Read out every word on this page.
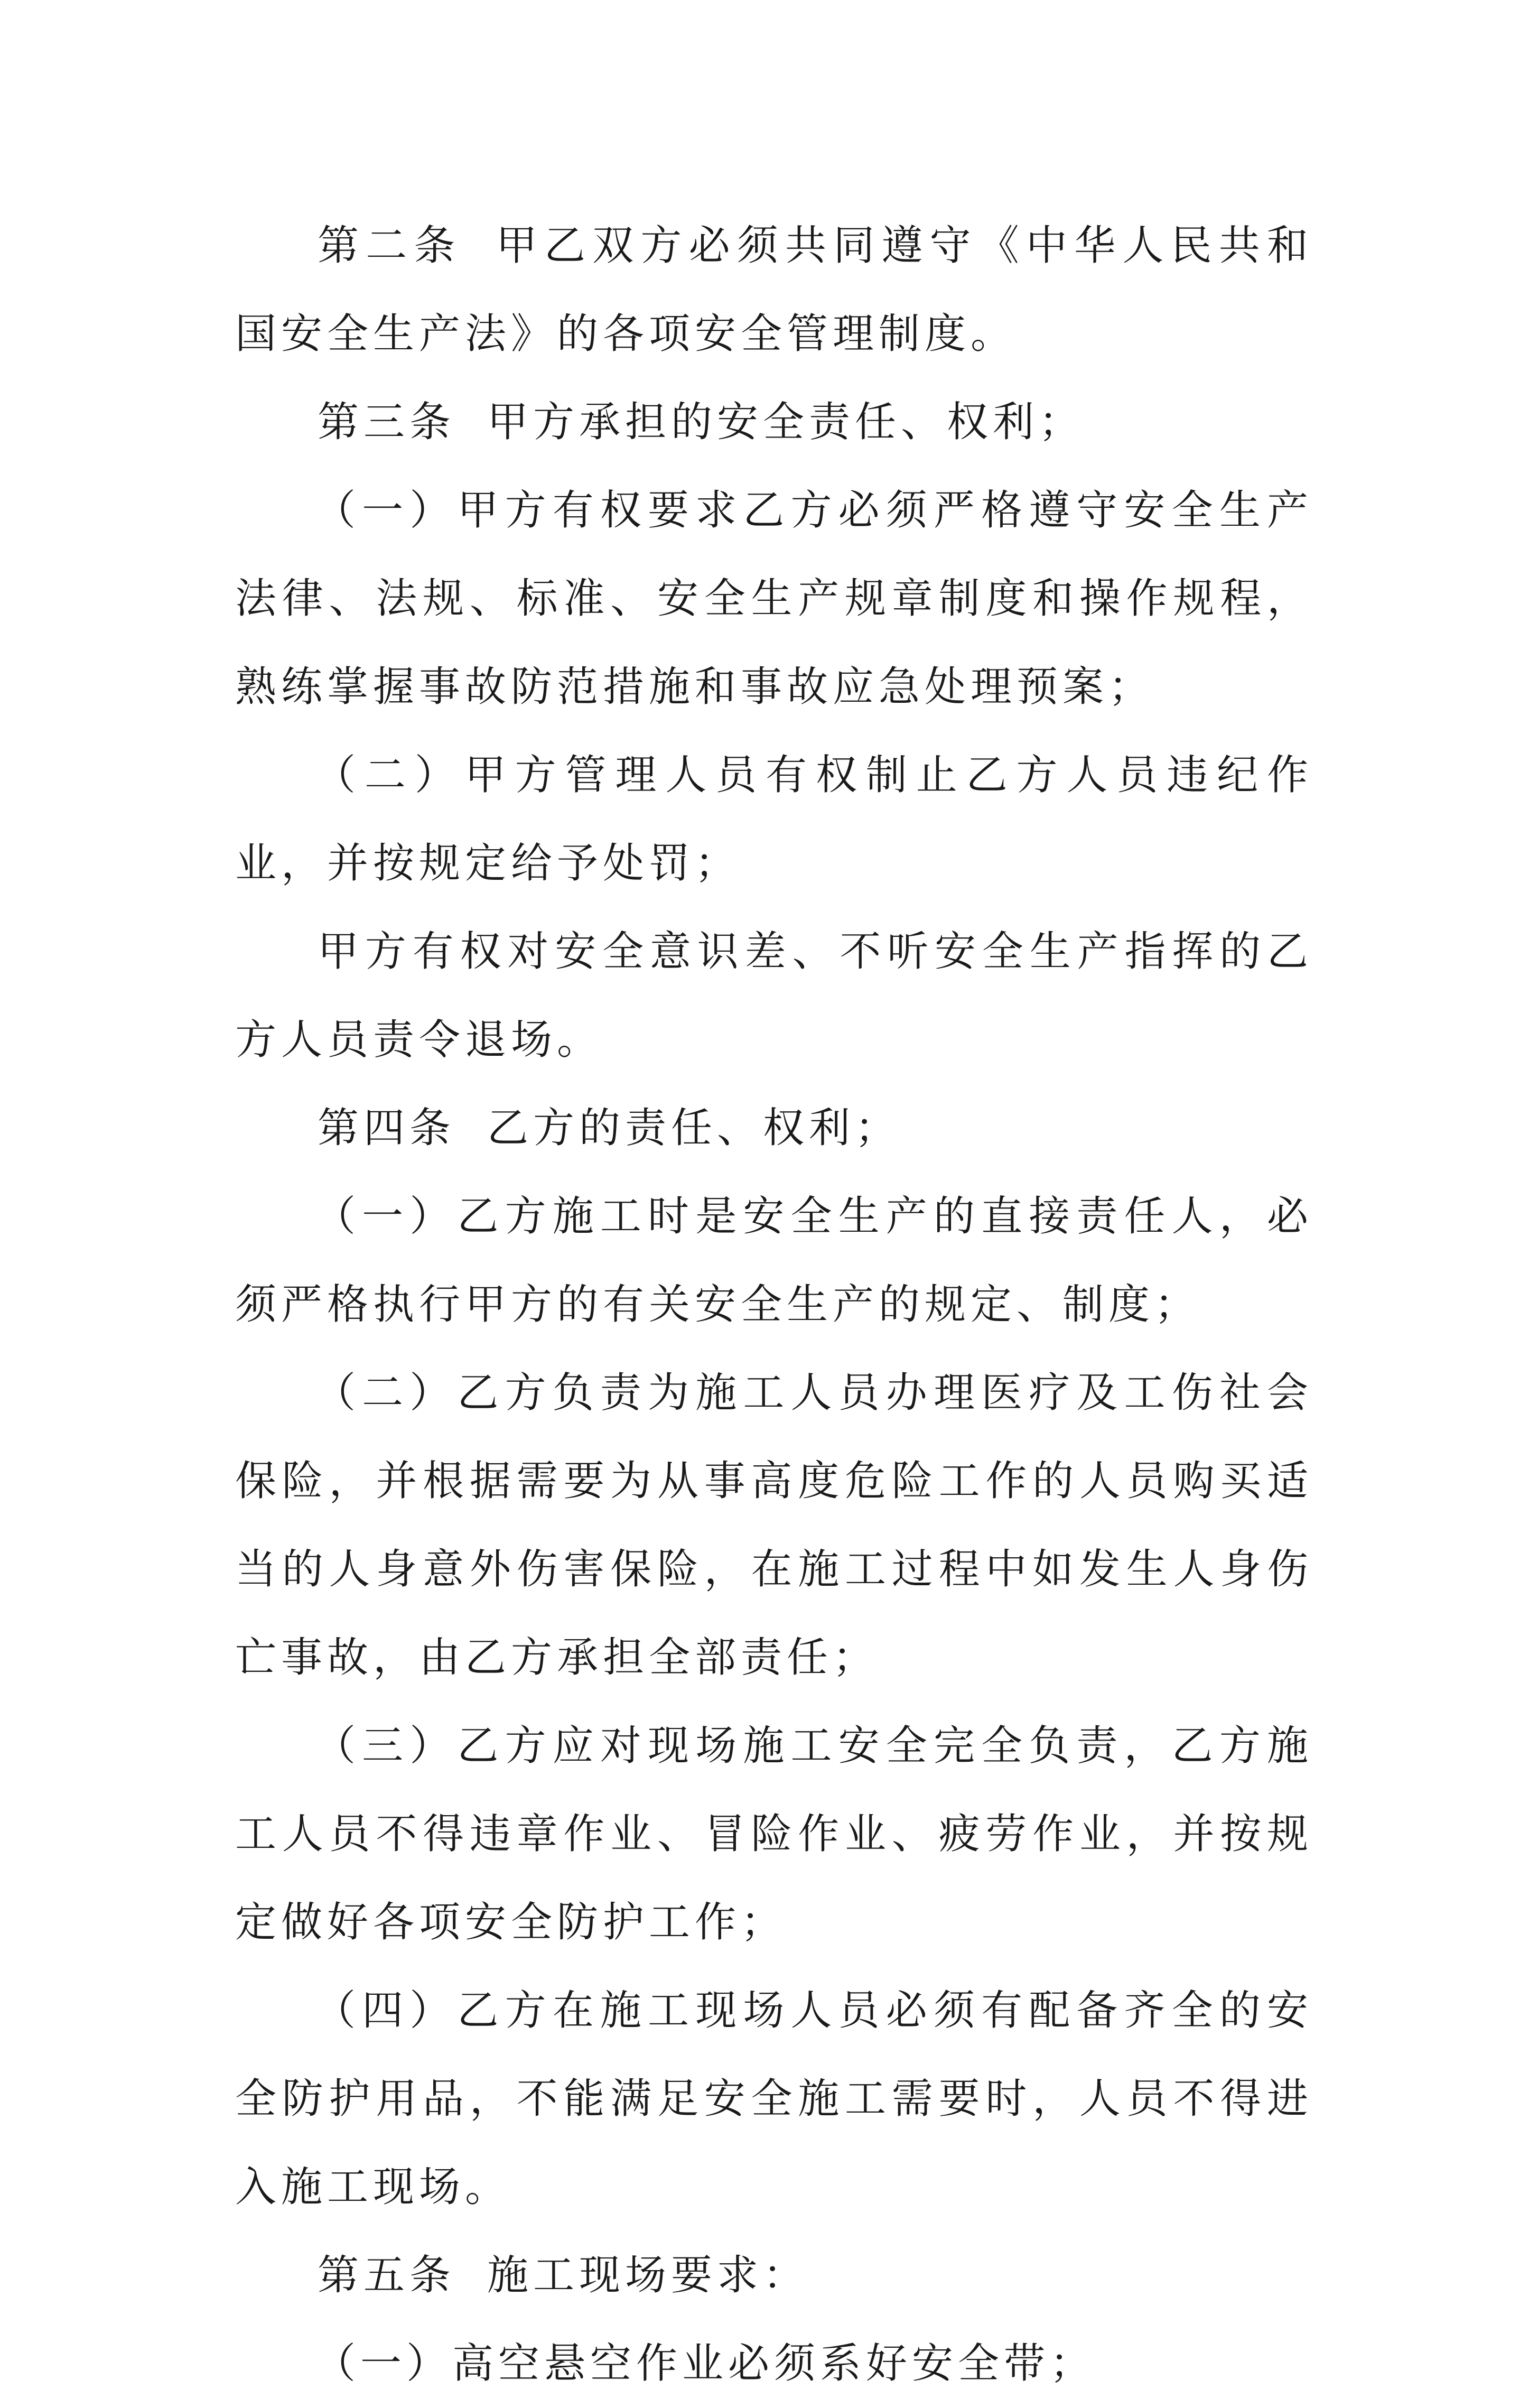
第二条 甲乙双方必须共同遵守《中华人民共和国安全生产法》的各项安全管理制度。

第三条 甲方承担的安全责任、权利；

（一）甲方有权要求乙方必须严格遵守安全生产法律、法规、标准、安全生产规章制度和操作规程，熟练掌握事故防范措施和事故应急处理预案；

（二）甲方管理人员有权制止乙方人员违纪作业，并按规定给予处罚；

甲方有权对安全意识差、不听安全生产指挥的乙方人员责令退场。

第四条 乙方的责任、权利；

（一）乙方施工时是安全生产的直接责任人，必须严格执行甲方的有关安全生产的规定、制度；

（二）乙方负责为施工人员办理医疗及工伤社会保险，并根据需要为从事高度危险工作的人员购买适当的人身意外伤害保险，在施工过程中如发生人身伤亡事故，由乙方承担全部责任；

（三）乙方应对现场施工安全完全负责，乙方施工人员不得违章作业、冒险作业、疲劳作业，并按规定做好各项安全防护工作；

（四）乙方在施工现场人员必须有配备齐全的安全防护用品，不能满足安全施工需要时，人员不得进入施工现场。

第五条 施工现场要求：

（一）高空悬空作业必须系好安全带；
